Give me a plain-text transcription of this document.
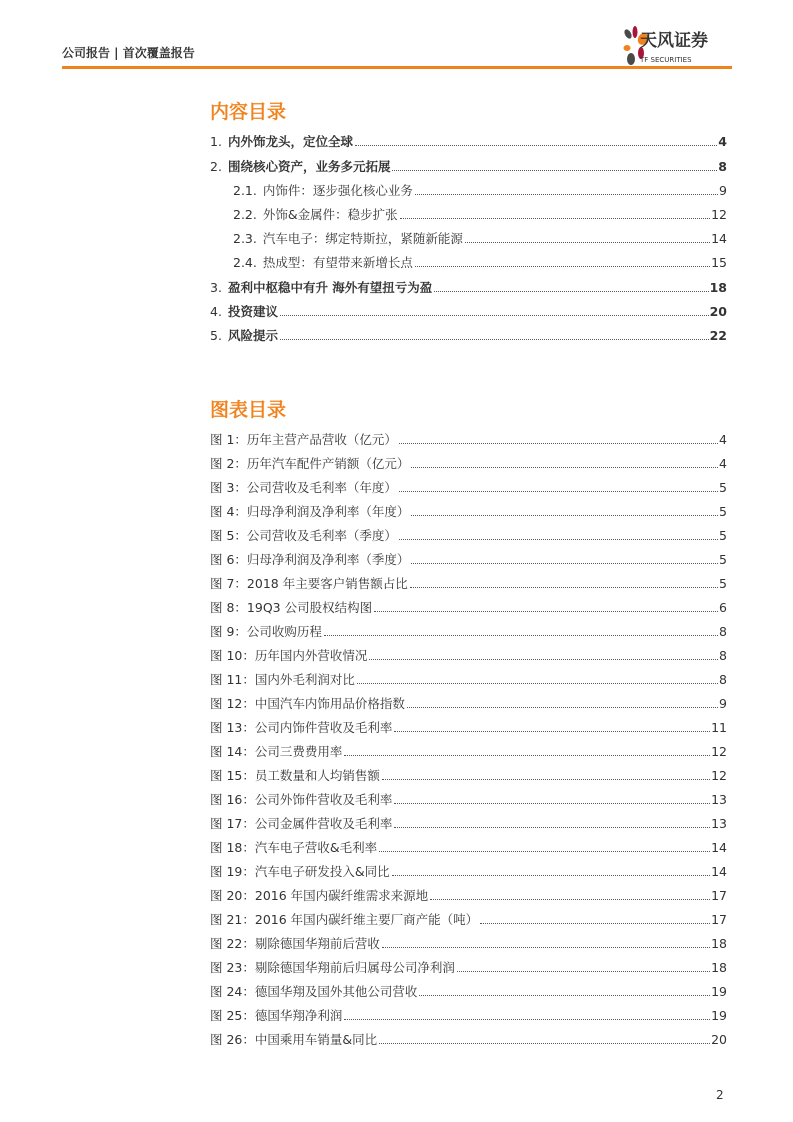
公司报告 | 首次覆盖报告
天风证券
TF SECURITIES
内容目录
1. 内外饰龙头，定位全球	4
2. 围绕核心资产，业务多元拓展	8
2.1. 内饰件：逐步强化核心业务	9
2.2. 外饰&金属件：稳步扩张	12
2.3. 汽车电子：绑定特斯拉，紧随新能源	14
2.4. 热成型：有望带来新增长点	15
3. 盈利中枢稳中有升 海外有望扭亏为盈	18
4. 投资建议	20
5. 风险提示	22
图表目录
图 1：历年主营产品营收（亿元）	4
图 2：历年汽车配件产销额（亿元）	4
图 3：公司营收及毛利率（年度）	5
图 4：归母净利润及净利率（年度）	5
图 5：公司营收及毛利率（季度）	5
图 6：归母净利润及净利率（季度）	5
图 7：2018 年主要客户销售额占比	5
图 8：19Q3 公司股权结构图	6
图 9：公司收购历程	8
图 10：历年国内外营收情况	8
图 11：国内外毛利润对比	8
图 12：中国汽车内饰用品价格指数	9
图 13：公司内饰件营收及毛利率	11
图 14：公司三费费用率	12
图 15：员工数量和人均销售额	12
图 16：公司外饰件营收及毛利率	13
图 17：公司金属件营收及毛利率	13
图 18：汽车电子营收&毛利率	14
图 19：汽车电子研发投入&同比	14
图 20：2016 年国内碳纤维需求来源地	17
图 21：2016 年国内碳纤维主要厂商产能（吨）	17
图 22：剔除德国华翔前后营收	18
图 23：剔除德国华翔前后归属母公司净利润	18
图 24：德国华翔及国外其他公司营收	19
图 25：德国华翔净利润	19
图 26：中国乘用车销量&同比	20
2
